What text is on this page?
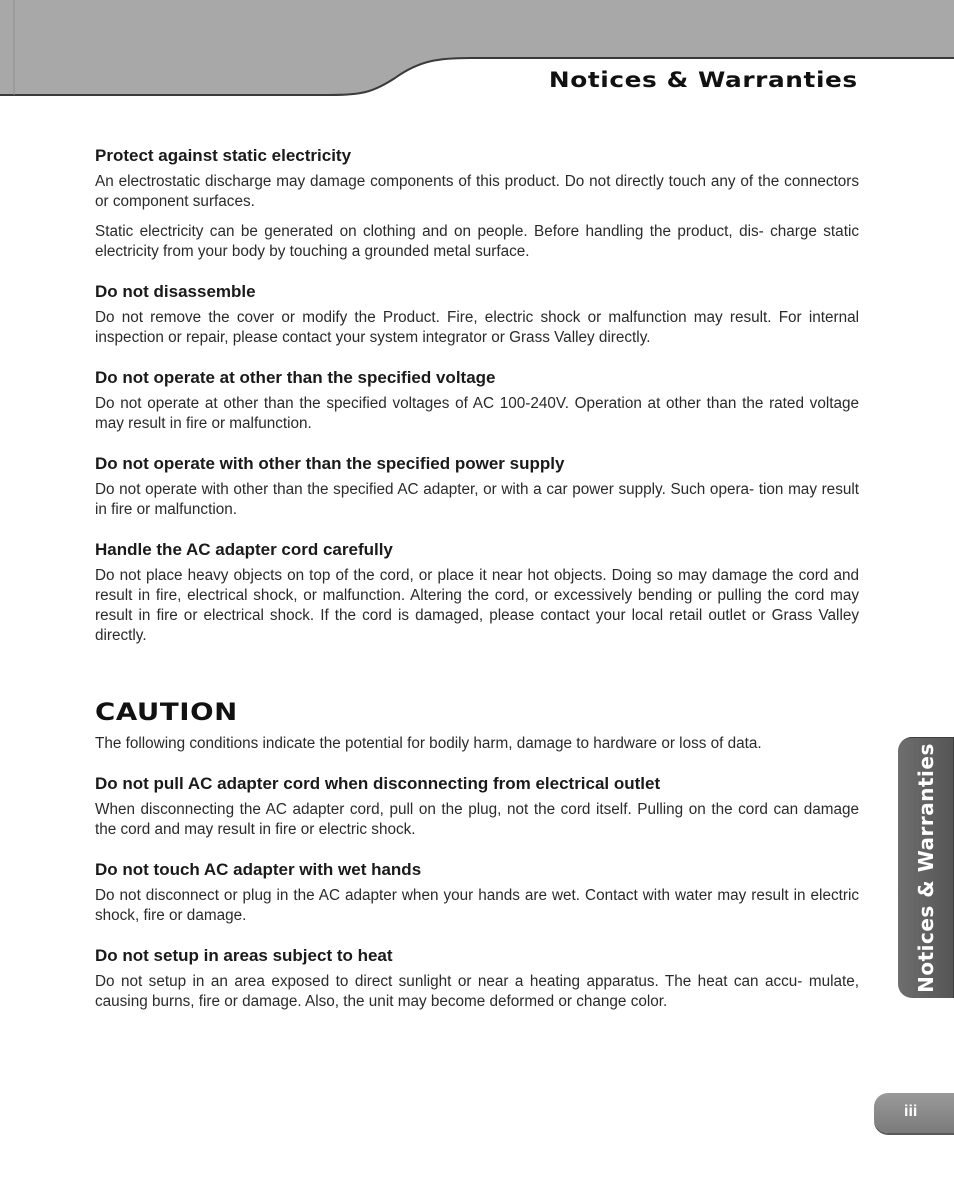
Notices & Warranties
Protect against static electricity

An electrostatic discharge may damage components of this product. Do not directly touch any of the connectors or component surfaces.

Static electricity can be generated on clothing and on people. Before handling the product, dis- charge static electricity from your body by touching a grounded metal surface.

Do not disassemble

Do not remove the cover or modify the Product. Fire, electric shock or malfunction may result. For internal inspection or repair, please contact your system integrator or Grass Valley directly.

Do not operate at other than the specified voltage

Do not operate at other than the specified voltages of AC 100-240V. Operation at other than the rated voltage may result in fire or malfunction.

Do not operate with other than the specified power supply

Do not operate with other than the specified AC adapter, or with a car power supply. Such opera- tion may result in fire or malfunction.

Handle the AC adapter cord carefully

Do not place heavy objects on top of the cord, or place it near hot objects. Doing so may damage the cord and result in fire, electrical shock, or malfunction. Altering the cord, or excessively bending or pulling the cord may result in fire or electrical shock. If the cord is damaged, please contact your local retail outlet or Grass Valley directly.

CAUTION

The following conditions indicate the potential for bodily harm, damage to hardware or loss of data.

Do not pull AC adapter cord when disconnecting from electrical outlet

When disconnecting the AC adapter cord, pull on the plug, not the cord itself. Pulling on the cord can damage the cord and may result in fire or electric shock.

Do not touch AC adapter with wet hands

Do not disconnect or plug in the AC adapter when your hands are wet. Contact with water may result in electric shock, fire or damage.

Do not setup in areas subject to heat

Do not setup in an area exposed to direct sunlight or near a heating apparatus. The heat can accu- mulate, causing burns, fire or damage. Also, the unit may become deformed or change color.

Notices & Warranties
iii
